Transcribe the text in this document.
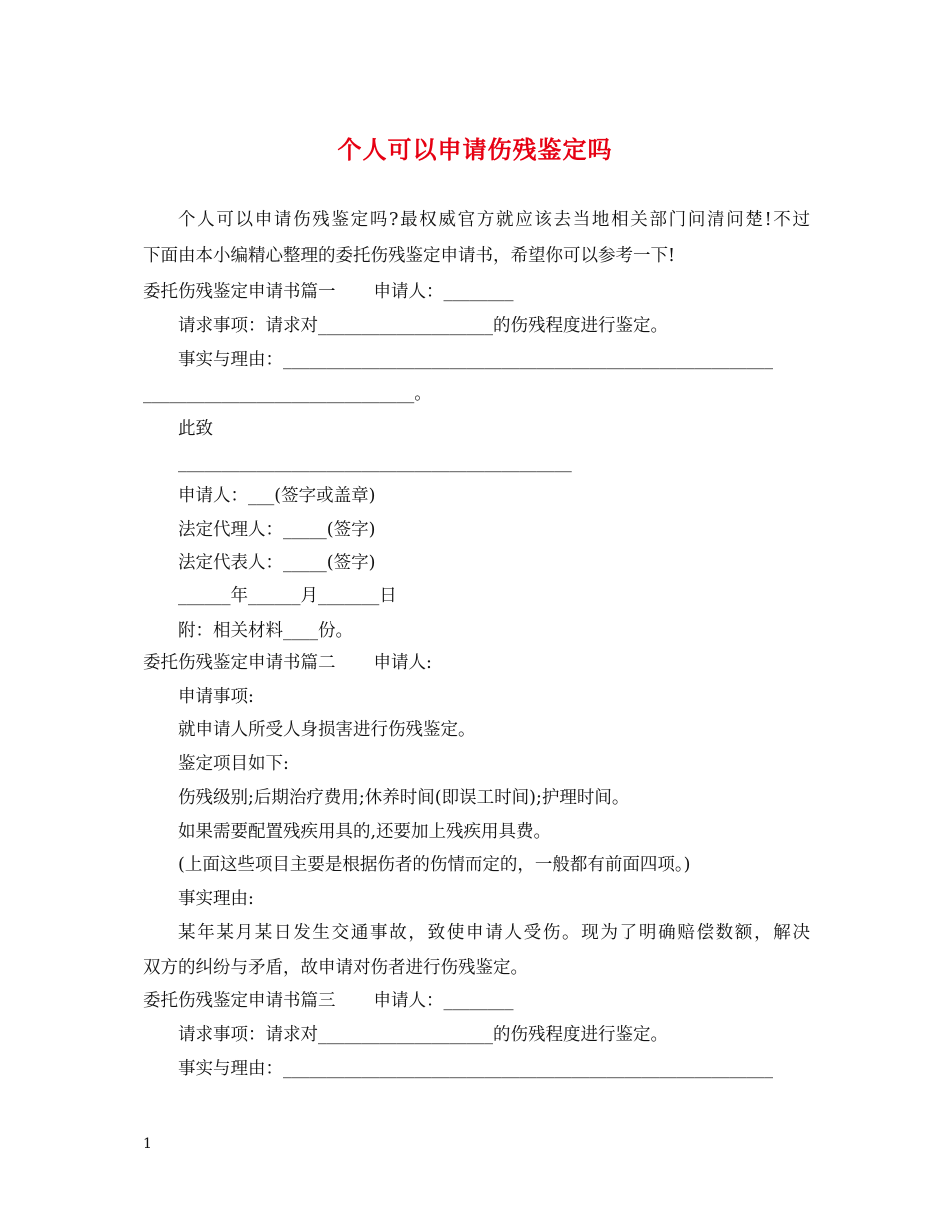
个人可以申请伤残鉴定吗
个人可以申请伤残鉴定吗?最权威官方就应该去当地相关部门问清问楚!不过
下面由本小编精心整理的委托伤残鉴定申请书，希望你可以参考一下!
委托伤残鉴定申请书篇一 申请人：________
请求事项：请求对____________________的伤残程度进行鉴定。
事实与理由：________________________________________________________
_______________________________。
此致
_____________________________________________
申请人：___(签字或盖章)
法定代理人：_____(签字)
法定代表人：_____(签字)
______年______月_______日
附：相关材料____份。
委托伤残鉴定申请书篇二 申请人:
申请事项:
就申请人所受人身损害进行伤残鉴定。
鉴定项目如下:
伤残级别;后期治疗费用;休养时间(即误工时间);护理时间。
如果需要配置残疾用具的,还要加上残疾用具费。
(上面这些项目主要是根据伤者的伤情而定的，一般都有前面四项。)
事实理由:
某年某月某日发生交通事故，致使申请人受伤。现为了明确赔偿数额，解决
双方的纠纷与矛盾，故申请对伤者进行伤残鉴定。
委托伤残鉴定申请书篇三 申请人：________
请求事项：请求对____________________的伤残程度进行鉴定。
事实与理由：________________________________________________________
1
